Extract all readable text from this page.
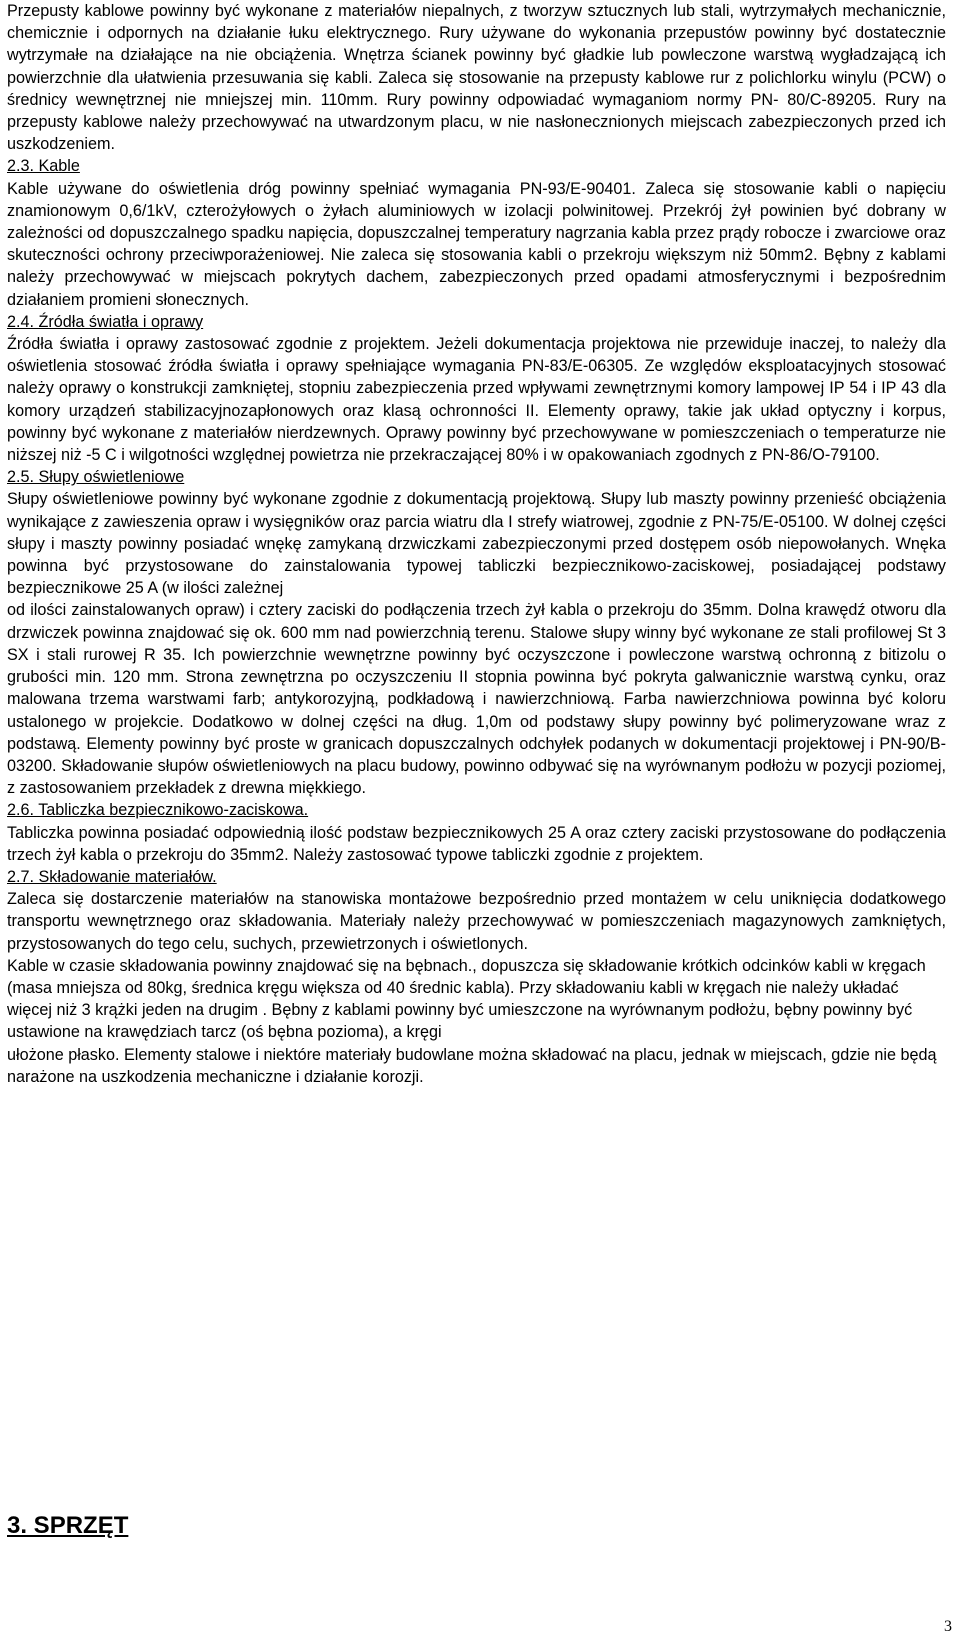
Przepusty kablowe powinny być wykonane z materiałów niepalnych, z tworzyw sztucznych lub stali, wytrzymałych mechanicznie, chemicznie i odpornych na działanie łuku elektrycznego. Rury używane do wykonania przepustów powinny być dostatecznie wytrzymałe na działające na nie obciążenia. Wnętrza ścianek powinny być gładkie lub powleczone warstwą wygładzającą ich powierzchnie dla ułatwienia przesuwania się kabli. Zaleca się stosowanie na przepusty kablowe rur z polichlorku winylu (PCW) o średnicy wewnętrznej nie mniejszej min. 110mm. Rury powinny odpowiadać wymaganiom normy PN- 80/C-89205. Rury na przepusty kablowe należy przechowywać na utwardzonym placu, w nie nasłonecznionych miejscach zabezpieczonych przed ich uszkodzeniem.

2.3. Kable

Kable używane do oświetlenia dróg powinny spełniać wymagania PN-93/E-90401. Zaleca się stosowanie kabli o napięciu znamionowym 0,6/1kV, czterożyłowych o żyłach aluminiowych w izolacji polwinitowej. Przekrój żył powinien być dobrany w zależności od dopuszczalnego spadku napięcia, dopuszczalnej temperatury nagrzania kabla przez prądy robocze i zwarciowe oraz skuteczności ochrony przeciwporażeniowej. Nie zaleca się stosowania kabli o przekroju większym niż 50mm2. Bębny z kablami należy przechowywać w miejscach pokrytych dachem, zabezpieczonych przed opadami atmosferycznymi i bezpośrednim działaniem promieni słonecznych.

2.4. Źródła światła i oprawy

Źródła światła i oprawy zastosować zgodnie z projektem. Jeżeli dokumentacja projektowa nie przewiduje inaczej, to należy dla oświetlenia stosować źródła światła i oprawy spełniające wymagania PN-83/E-06305. Ze względów eksploatacyjnych stosować należy oprawy o konstrukcji zamkniętej, stopniu zabezpieczenia przed wpływami zewnętrznymi komory lampowej IP 54 i IP 43 dla komory urządzeń stabilizacyjnozapłonowych oraz klasą ochronności II. Elementy oprawy, takie jak układ optyczny i korpus, powinny być wykonane z materiałów nierdzewnych. Oprawy powinny być przechowywane w pomieszczeniach o temperaturze nie niższej niż -5 C i wilgotności względnej powietrza nie przekraczającej 80% i w opakowaniach zgodnych z PN-86/O-79100.

2.5. Słupy oświetleniowe

Słupy oświetleniowe powinny być wykonane zgodnie z dokumentacją projektową. Słupy lub maszty powinny przenieść obciążenia wynikające z zawieszenia opraw i wysięgników oraz parcia wiatru dla I strefy wiatrowej, zgodnie z PN-75/E-05100. W dolnej części słupy i maszty powinny posiadać wnękę zamykaną drzwiczkami zabezpieczonymi przed dostępem osób niepowołanych. Wnęka powinna być przystosowane do zainstalowania typowej tabliczki bezpiecznikowo-zaciskowej, posiadającej podstawy bezpiecznikowe 25 A (w ilości zależnej

od ilości zainstalowanych opraw) i cztery zaciski do podłączenia trzech żył kabla o przekroju do 35mm. Dolna krawędź otworu dla drzwiczek powinna znajdować się ok. 600 mm nad powierzchnią terenu. Stalowe słupy winny być wykonane ze stali profilowej St 3 SX i stali rurowej R 35. Ich powierzchnie wewnętrzne powinny być oczyszczone i powleczone warstwą ochronną z bitizolu o grubości min. 120 mm. Strona zewnętrzna po oczyszczeniu II stopnia powinna być pokryta galwanicznie warstwą cynku, oraz malowana trzema warstwami farb; antykorozyjną, podkładową i nawierzchniową. Farba nawierzchniowa powinna być koloru ustalonego w projekcie. Dodatkowo w dolnej części na dług. 1,0m od podstawy słupy powinny być polimeryzowane wraz z podstawą. Elementy powinny być proste w granicach dopuszczalnych odchyłek podanych w dokumentacji projektowej i PN-90/B-03200. Składowanie słupów oświetleniowych na placu budowy, powinno odbywać się na wyrównanym podłożu w pozycji poziomej, z zastosowaniem przekładek z drewna miękkiego.

2.6. Tabliczka bezpiecznikowo-zaciskowa.

Tabliczka powinna posiadać odpowiednią ilość podstaw bezpiecznikowych 25 A oraz cztery zaciski przystosowane do podłączenia trzech żył kabla o przekroju do 35mm2. Należy zastosować typowe tabliczki zgodnie z projektem.

2.7. Składowanie materiałów.

Zaleca się dostarczenie materiałów na stanowiska montażowe bezpośrednio przed montażem w celu uniknięcia dodatkowego transportu wewnętrznego oraz składowania. Materiały należy przechowywać w pomieszczeniach magazynowych zamkniętych, przystosowanych do tego celu, suchych, przewietrzonych i oświetlonych.

Kable w czasie składowania powinny znajdować się na bębnach., dopuszcza się składowanie krótkich odcinków kabli w kręgach (masa mniejsza od 80kg, średnica kręgu większa od 40 średnic kabla). Przy składowaniu kabli w kręgach nie należy układać więcej niż 3 krążki jeden na drugim . Bębny z kablami powinny być umieszczone na wyrównanym podłożu, bębny powinny być ustawione na krawędziach tarcz (oś bębna pozioma), a kręgi

ułożone płasko. Elementy stalowe i niektóre materiały budowlane można składować na placu, jednak w miejscach, gdzie nie będą narażone na uszkodzenia mechaniczne i działanie korozji.

3. SPRZĘT
3
